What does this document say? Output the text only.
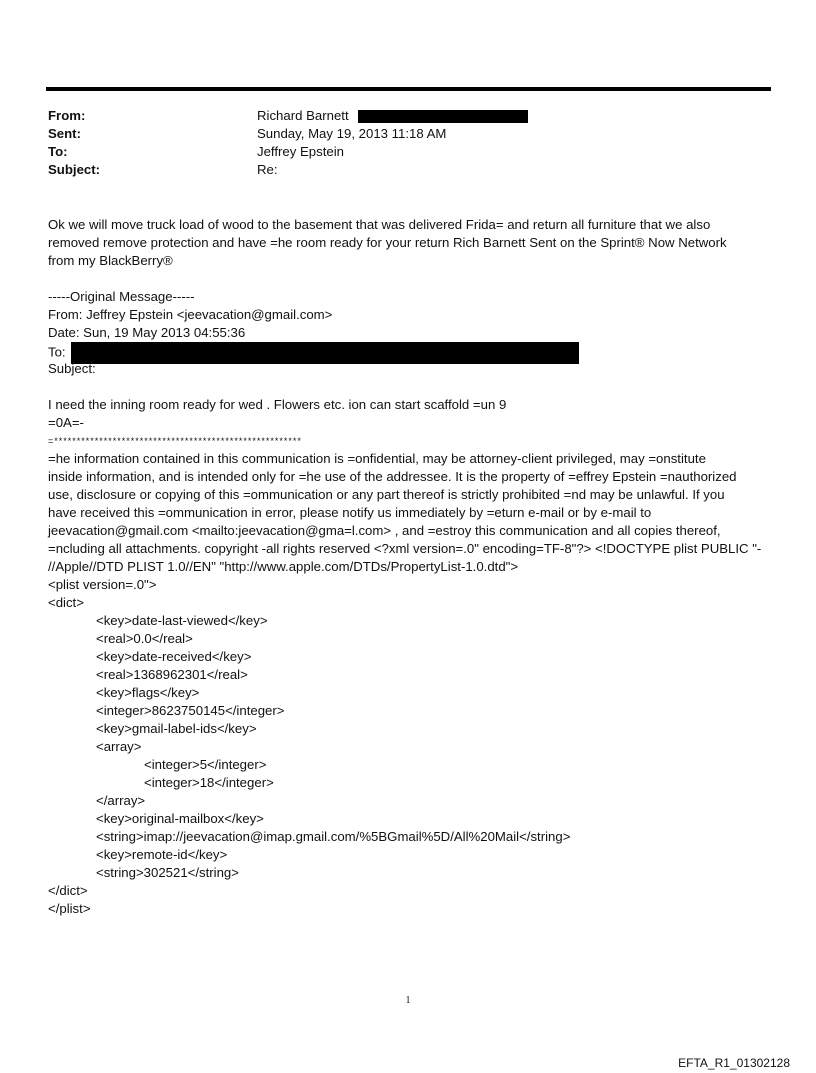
From:	Richard Barnett
Sent:	Sunday, May 19, 2013 11:18 AM
To:	Jeffrey Epstein
Subject:	Re:
Ok we will move truck load of wood to the basement that was delivered Frida= and return all furniture that we also
removed remove protection and have =he room ready for your return Rich Barnett Sent on the Sprint® Now Network
from my BlackBerry®
-----Original Message-----
From: Jeffrey Epstein <jeevacation@gmail.com>
Date: Sun, 19 May 2013 04:55:36
To:
Subject:
I need the inning room ready for wed . Flowers etc. ion can start scaffold =un 9
=0A=-
=*******************************************************
=he information contained in this communication is =onfidential, may be attorney-client privileged, may =onstitute
inside information, and is intended only for =he use of the addressee. It is the property of =effrey Epstein =nauthorized
use, disclosure or copying of this =ommunication or any part thereof is strictly prohibited =nd may be unlawful. If you
have received this =ommunication in error, please notify us immediately by =eturn e-mail or by e-mail to
jeevacation@gmail.com <mailto:jeevacation@gma=l.com> , and =estroy this communication and all copies thereof,
=ncluding all attachments. copyright -all rights reserved <?xml version=.0" encoding=TF-8"?> <!DOCTYPE plist PUBLIC "-
//Apple//DTD PLIST 1.0//EN" "http://www.apple.com/DTDs/PropertyList-1.0.dtd">
<plist version=.0">
<dict>
<key>date-last-viewed</key>
<real>0.0</real>
<key>date-received</key>
<real>1368962301</real>
<key>flags</key>
<integer>8623750145</integer>
<key>gmail-label-ids</key>
<array>
<integer>5</integer>
<integer>18</integer>
</array>
<key>original-mailbox</key>
<string>imap://jeevacation@imap.gmail.com/%5BGmail%5D/All%20Mail</string>
<key>remote-id</key>
<string>302521</string>
</dict>
</plist>
1
EFTA_R1_01302128
